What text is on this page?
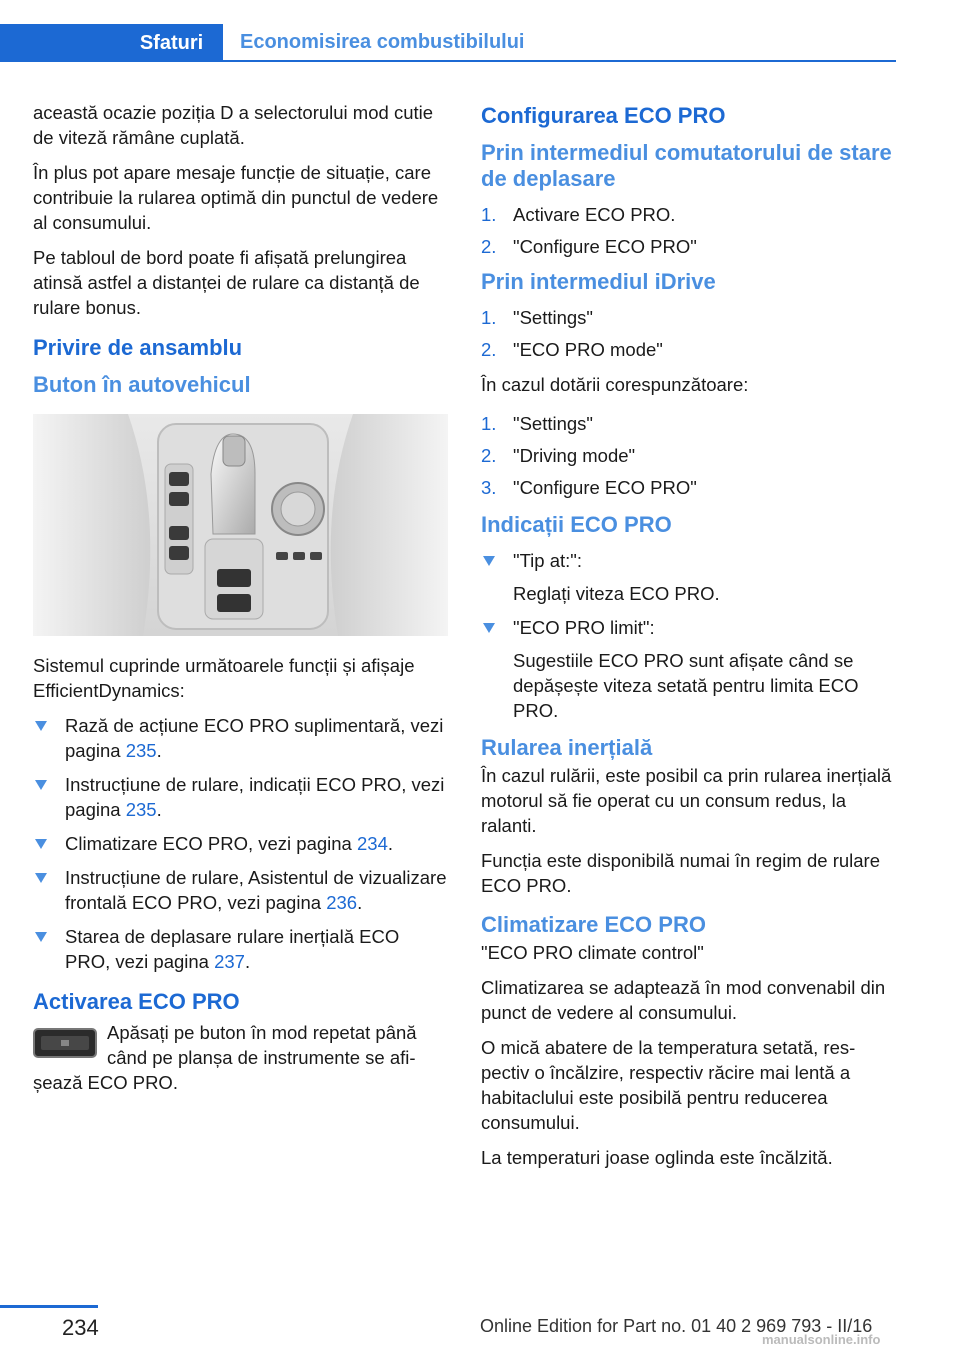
Sfaturi	Economisirea combustibilului

această ocazie poziția D a selectorului mod cutie de viteză rămâne cuplată.

În plus pot apare mesaje funcție de situație, care contribuie la rularea optimă din punctul de vedere al consumului.

Pe tabloul de bord poate fi afișată prelungirea atinsă astfel a distanței de rulare ca distanță de rulare bonus.

Privire de ansamblu
Buton în autovehicul

Sistemul cuprinde următoarele funcții și afișaje EfficientDynamics:

Rază de acțiune ECO PRO suplimentară, vezi pagina 235.
Instrucțiune de rulare, indicații ECO PRO, vezi pagina 235.
Climatizare ECO PRO, vezi pagina 234.
Instrucțiune de rulare, Asistentul de vizualizare frontală ECO PRO, vezi pagina 236.
Starea de deplasare rulare inerțială ECO PRO, vezi pagina 237.
Activarea ECO PRO

Apăsați pe buton în mod repetat până când pe planșa de instrumente se afișează ECO PRO.

Configurarea ECO PRO
Prin intermediul comutatorului de stare de deplasare
1. Activare ECO PRO.
2. "Configure ECO PRO"
Prin intermediul iDrive
1. "Settings"
2. "ECO PRO mode"

În cazul dotării corespunzătoare:

1. "Settings"
2. "Driving mode"
3. "Configure ECO PRO"
Indicații ECO PRO
"Tip at:":
Reglați viteza ECO PRO.
"ECO PRO limit":
Sugestiile ECO PRO sunt afișate când se depășește viteza setată pentru limita ECO PRO.
Rularea inerțială

În cazul rulării, este posibil ca prin rularea inerțială motorul să fie operat cu un consum redus, la ralanti.

Funcția este disponibilă numai în regim de rulare ECO PRO.

Climatizare ECO PRO

"ECO PRO climate control"

Climatizarea se adaptează în mod convenabil din punct de vedere al consumului.

O mică abatere de la temperatura setată, respectiv o încălzire, respectiv răcire mai lentă a habitaclului este posibilă pentru reducerea consumului.

La temperaturi joase oglinda este încălzită.

234	Online Edition for Part no. 01 40 2 969 793 - II/16
manualsonline.info
